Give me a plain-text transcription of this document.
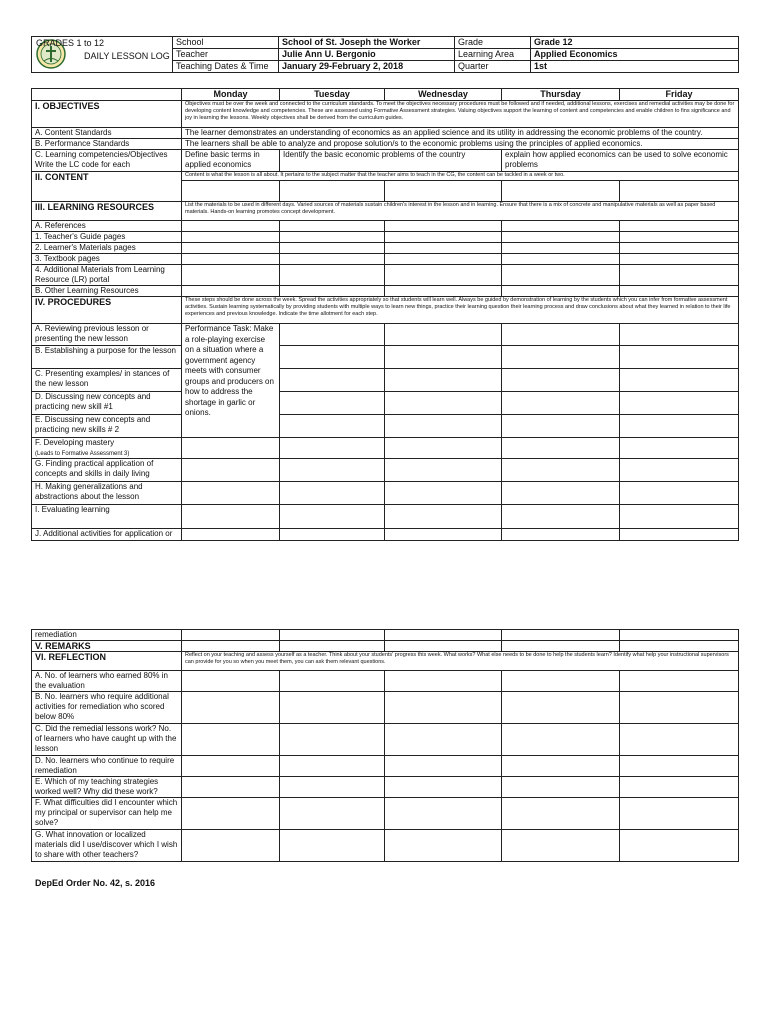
GRADES 1 to 12
DAILY LESSON LOG	School	School of St. Joseph the Worker	Grade	Grade 12
	Teacher	Julie Ann U. Bergonio	Learning Area	Applied Economics
	Teaching Dates & Time	January 29-February 2, 2018	Quarter	1st
	Monday	Tuesday	Wednesday	Thursday	Friday
I. OBJECTIVES	Objectives must be over the week and connected to the curriculum standards. To meet the objectives necessary procedures must be followed and if needed, additional lessons, exercises and remedial activities may be done for developing content knowledge and competencies. These are assessed using Formative Assessment strategies. Valuing objectives support the learning of content and competencies and enable children to fins significance and joy in learning the lessons. Weekly objectives shall be derived from the curriculum guides.				
A. Content Standards	The learner demonstrates an understanding of economics as an applied science and its utility in addressing the economic problems of the country.				
B. Performance Standards	The learners shall be able to analyze and propose solution/s to the economic problems using the principles of applied economics.				
C. Learning competencies/Objectives Write the LC code for each	Define basic terms in applied economics	Identify the basic economic problems of the country		explain how applied economics can be used to solve economic problems	
II. CONTENT	Content is what the lesson is all about. It pertains to the subject matter that the teacher aims to teach in the CG, the content can be tackled in a week or two.				

III. LEARNING RESOURCES	List the materials to be used in different days. Varied sources of materials sustain children's interest in the lesson and in learning. Ensure that there is a mix of concrete and manipulative materials as well as paper based materials. Hands-on learning promotes concept development.				
A. References					
1. Teacher's Guide pages					
2. Learner's Materials pages					
3. Textbook pages					
4. Additional Materials from Learning Resource (LR) portal					
B. Other Learning Resources					
IV. PROCEDURES	These steps should be done across the week. Spread the activities appropriately so that students will learn well. Always be guided by demonstration of learning by the students which you can infer from formative assessment activities. Sustain learning systematically by providing students with multiple ways to learn new things, practice their learning question their learning process and draw conclusions about what they learned in relation to their life experiences and previous knowledge. Indicate the time allotment for each step.				
A. Reviewing previous lesson or presenting the new lesson	Performance Task: Make a role-playing exercise on a situation where a government agency meets with consumer groups and producers on how to address the shortage in garlic or onions.				
B. Establishing a purpose for the lesson					
C. Presenting examples/ in stances of the new lesson					
D. Discussing new concepts and practicing new skill #1					
E. Discussing new concepts and practicing new skills # 2					
F. Developing mastery
(Leads to Formative Assessment 3)					
G. Finding practical application of concepts and skills in daily living					
H. Making generalizations and abstractions about the lesson					
I. Evaluating learning					
J. Additional activities for application or					
remediation					
V. REMARKS					
VI. REFLECTION	Reflect on your teaching and assess yourself as a teacher. Think about your students' progress this week. What works? What else needs to be done to help the students learn? Identify what help your instructional supervisors can provide for you so when you meet them, you can ask them relevant questions.				
A. No. of learners who earned 80% in the evaluation					
B. No. learners who require additional activities for remediation who scored below 80%					
C. Did the remedial lessons work? No. of learners who have caught up with the lesson					
D. No. learners who continue to require remediation					
E. Which of my teaching strategies worked well? Why did these work?					
F. What difficulties did I encounter which my principal or supervisor can help me solve?					
G. What innovation or localized materials did I use/discover which I wish to share with other teachers?					
DepEd Order No. 42, s. 2016
